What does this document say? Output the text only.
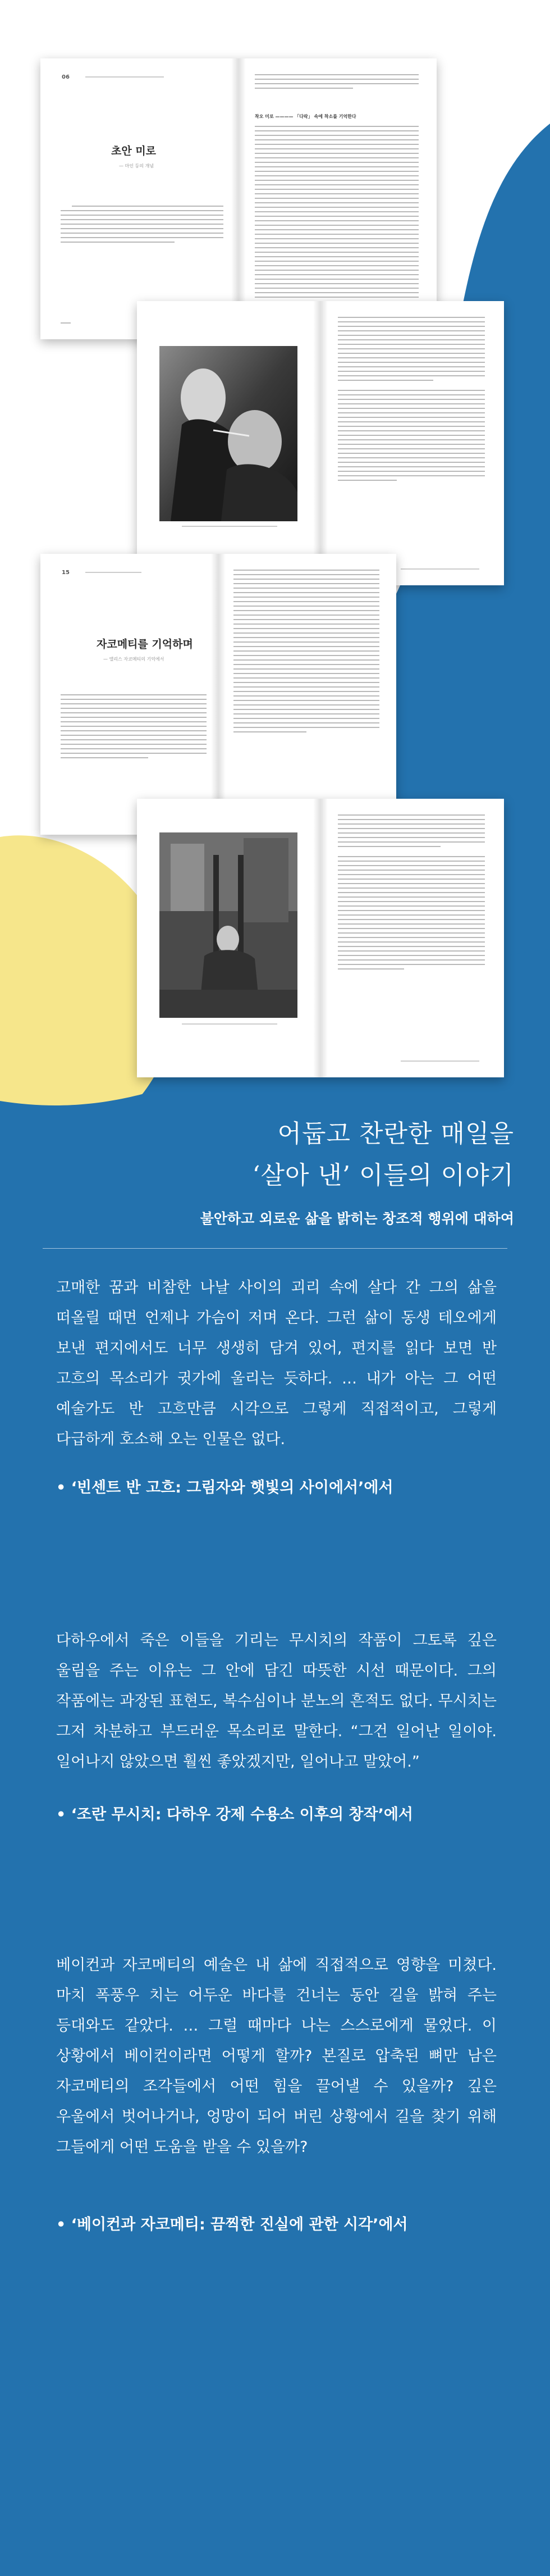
06
초안 미로
— 마인 등의 개념
착오 미로 ———— 「다락」 속에 착소를 기억한다
15
자코메티를 기억하며
— 앨리스 자코메티의 기억에서
어둡고 찬란한 매일을
‘살아 낸’ 이들의 이야기
불안하고 외로운 삶을 밝히는 창조적 행위에 대하여
고매한 꿈과 비참한 나날 사이의 괴리 속에 살다 간 그의 삶을 떠올릴 때면 언제나 가슴이 저며 온다. 그런 삶이 동생 테오에게 보낸 편지에서도 너무 생생히 담겨 있어, 편지를 읽다 보면 반 고흐의 목소리가 귓가에 울리는 듯하다. … 내가 아는 그 어떤 예술가도 반 고흐만큼 시각으로 그렇게 직접적이고, 그렇게 다급하게 호소해 오는 인물은 없다.
• ‘빈센트 반 고흐: 그림자와 햇빛의 사이에서’에서
다하우에서 죽은 이들을 기리는 무시치의 작품이 그토록 깊은 울림을 주는 이유는 그 안에 담긴 따뜻한 시선 때문이다. 그의 작품에는 과장된 표현도, 복수심이나 분노의 흔적도 없다. 무시치는 그저 차분하고 부드러운 목소리로 말한다. “그건 일어난 일이야. 일어나지 않았으면 훨씬 좋았겠지만, 일어나고 말았어.”
• ‘조란 무시치: 다하우 강제 수용소 이후의 창작’에서
베이컨과 자코메티의 예술은 내 삶에 직접적으로 영향을 미쳤다. 마치 폭풍우 치는 어두운 바다를 건너는 동안 길을 밝혀 주는 등대와도 같았다. … 그럴 때마다 나는 스스로에게 물었다. 이 상황에서 베이컨이라면 어떻게 할까? 본질로 압축된 뼈만 남은 자코메티의 조각들에서 어떤 힘을 끌어낼 수 있을까? 깊은 우울에서 벗어나거나, 엉망이 되어 버린 상황에서 길을 찾기 위해 그들에게 어떤 도움을 받을 수 있을까?
• ‘베이컨과 자코메티: 끔찍한 진실에 관한 시각’에서
